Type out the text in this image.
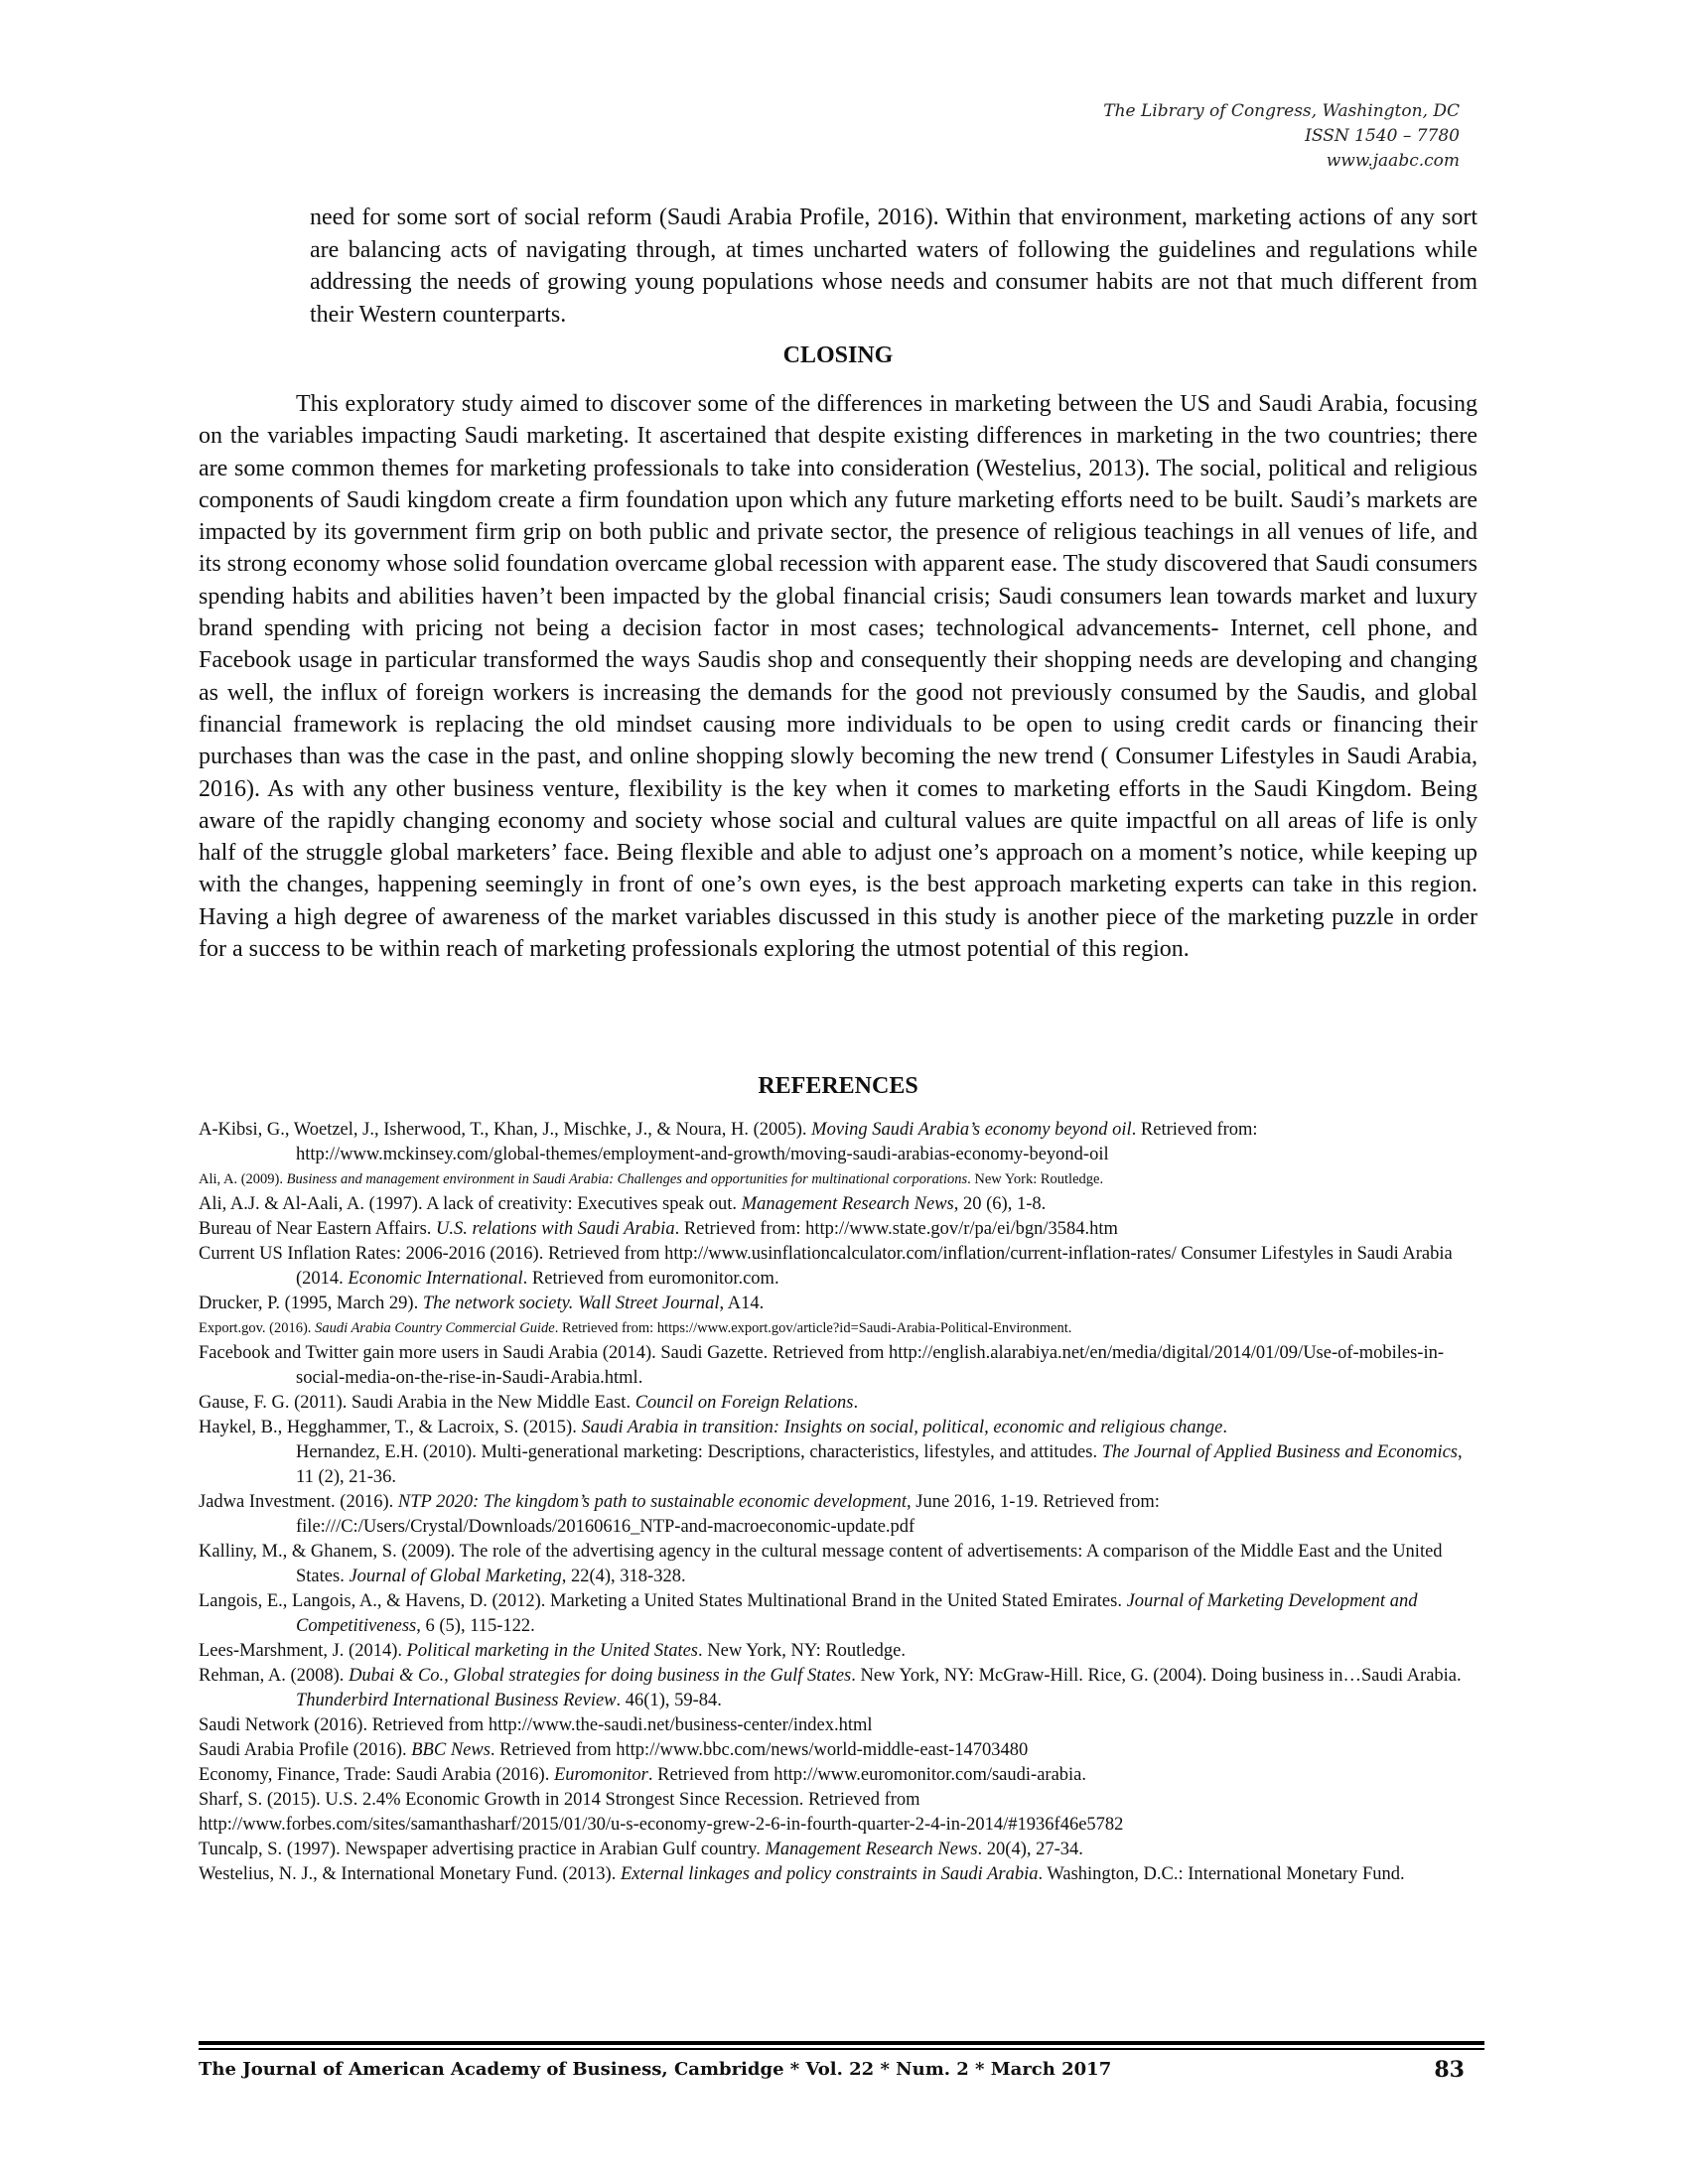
The Library of Congress, Washington, DC
ISSN 1540 – 7780
www.jaabc.com

need for some sort of social reform (Saudi Arabia Profile, 2016). Within that environment, marketing actions of any sort are balancing acts of navigating through, at times uncharted waters of following the guidelines and regulations while addressing the needs of growing young populations whose needs and consumer habits are not that much different from their Western counterparts.

CLOSING

This exploratory study aimed to discover some of the differences in marketing between the US and Saudi Arabia, focusing on the variables impacting Saudi marketing. It ascertained that despite existing differences in marketing in the two countries; there are some common themes for marketing professionals to take into consideration (Westelius, 2013). The social, political and religious components of Saudi kingdom create a firm foundation upon which any future marketing efforts need to be built. Saudi’s markets are impacted by its government firm grip on both public and private sector, the presence of religious teachings in all venues of life, and its strong economy whose solid foundation overcame global recession with apparent ease. The study discovered that Saudi consumers spending habits and abilities haven’t been impacted by the global financial crisis; Saudi consumers lean towards market and luxury brand spending with pricing not being a decision factor in most cases; technological advancements- Internet, cell phone, and Facebook usage in particular transformed the ways Saudis shop and consequently their shopping needs are developing and changing as well, the influx of foreign workers is increasing the demands for the good not previously consumed by the Saudis, and global financial framework is replacing the old mindset causing more individuals to be open to using credit cards or financing their purchases than was the case in the past, and online shopping slowly becoming the new trend ( Consumer Lifestyles in Saudi Arabia, 2016). As with any other business venture, flexibility is the key when it comes to marketing efforts in the Saudi Kingdom. Being aware of the rapidly changing economy and society whose social and cultural values are quite impactful on all areas of life is only half of the struggle global marketers’ face. Being flexible and able to adjust one’s approach on a moment’s notice, while keeping up with the changes, happening seemingly in front of one’s own eyes, is the best approach marketing experts can take in this region. Having a high degree of awareness of the market variables discussed in this study is another piece of the marketing puzzle in order for a success to be within reach of marketing professionals exploring the utmost potential of this region.

REFERENCES

A-Kibsi, G., Woetzel, J., Isherwood, T., Khan, J., Mischke, J., & Noura, H. (2005). Moving Saudi Arabia’s economy beyond oil. Retrieved from: http://www.mckinsey.com/global-themes/employment-and-growth/moving-saudi-arabias-economy-beyond-oil

Ali, A. (2009). Business and management environment in Saudi Arabia: Challenges and opportunities for multinational corporations. New York: Routledge.

Ali, A.J. & Al-Aali, A. (1997). A lack of creativity: Executives speak out. Management Research News, 20 (6), 1-8.

Bureau of Near Eastern Affairs. U.S. relations with Saudi Arabia. Retrieved from: http://www.state.gov/r/pa/ei/bgn/3584.htm

Current US Inflation Rates: 2006-2016 (2016). Retrieved from http://www.usinflationcalculator.com/inflation/current-inflation-rates/ Consumer Lifestyles in Saudi Arabia (2014. Economic International. Retrieved from euromonitor.com.

Drucker, P. (1995, March 29). The network society. Wall Street Journal, A14.

Export.gov. (2016). Saudi Arabia Country Commercial Guide. Retrieved from: https://www.export.gov/article?id=Saudi-Arabia-Political-Environment.

Facebook and Twitter gain more users in Saudi Arabia (2014). Saudi Gazette. Retrieved from http://english.alarabiya.net/en/media/digital/2014/01/09/Use-of-mobiles-in-social-media-on-the-rise-in-Saudi-Arabia.html.

Gause, F. G. (2011). Saudi Arabia in the New Middle East. Council on Foreign Relations.

Haykel, B., Hegghammer, T., & Lacroix, S. (2015). Saudi Arabia in transition: Insights on social, political, economic and religious change.

Hernandez, E.H. (2010). Multi-generational marketing: Descriptions, characteristics, lifestyles, and attitudes. The Journal of Applied Business and Economics, 11 (2), 21-36.

Jadwa Investment. (2016). NTP 2020: The kingdom’s path to sustainable economic development, June 2016, 1-19. Retrieved from: file:///C:/Users/Crystal/Downloads/20160616_NTP-and-macroeconomic-update.pdf

Kalliny, M., & Ghanem, S. (2009). The role of the advertising agency in the cultural message content of advertisements: A comparison of the Middle East and the United States. Journal of Global Marketing, 22(4), 318-328.

Langois, E., Langois, A., & Havens, D. (2012). Marketing a United States Multinational Brand in the United Stated Emirates. Journal of Marketing Development and Competitiveness, 6 (5), 115-122.

Lees-Marshment, J. (2014). Political marketing in the United States. New York, NY: Routledge.

Rehman, A. (2008). Dubai & Co., Global strategies for doing business in the Gulf States. New York, NY: McGraw-Hill. Rice, G. (2004). Doing business in…Saudi Arabia. Thunderbird International Business Review. 46(1), 59-84.

Saudi Network (2016). Retrieved from http://www.the-saudi.net/business-center/index.html

Saudi Arabia Profile (2016). BBC News. Retrieved from http://www.bbc.com/news/world-middle-east-14703480

Economy, Finance, Trade: Saudi Arabia (2016). Euromonitor. Retrieved from http://www.euromonitor.com/saudi-arabia.

Sharf, S. (2015). U.S. 2.4% Economic Growth in 2014 Strongest Since Recession. Retrieved from

http://www.forbes.com/sites/samanthasharf/2015/01/30/u-s-economy-grew-2-6-in-fourth-quarter-2-4-in-2014/#1936f46e5782

Tuncalp, S. (1997). Newspaper advertising practice in Arabian Gulf country. Management Research News. 20(4), 27-34.

Westelius, N. J., & International Monetary Fund. (2013). External linkages and policy constraints in Saudi Arabia. Washington, D.C.: International Monetary Fund.

The Journal of American Academy of Business, Cambridge * Vol. 22 * Num. 2 * March 2017	83
